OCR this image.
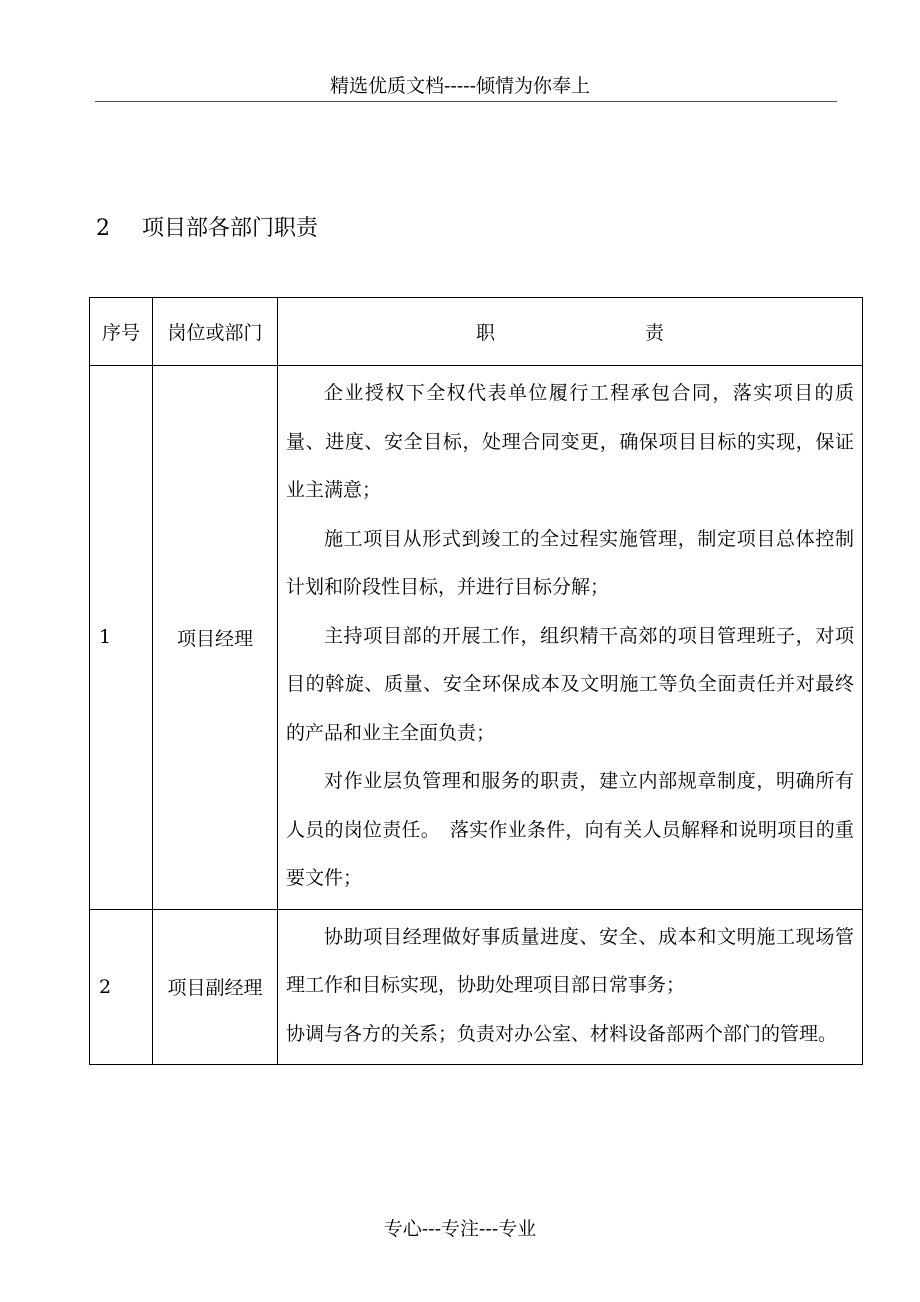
精选优质文档-----倾情为你奉上
2 项目部各部门职责
序号	岗位或部门	职 责
1	项目经理	企业授权下全权代表单位履行工程承包合同，落实项目的质量、进度、安全目标，处理合同变更，确保项目目标的实现，保证业主满意；

施工项目从形式到竣工的全过程实施管理，制定项目总体控制计划和阶段性目标，并进行目标分解；

主持项目部的开展工作，组织精干高郊的项目管理班子，对项目的斡旋、质量、安全环保成本及文明施工等负全面责任并对最终的产品和业主全面负责；

对作业层负管理和服务的职责，建立内部规章制度，明确所有人员的岗位责任。　落实作业条件，向有关人员解释和说明项目的重要文件；

2	项目副经理	协助项目经理做好事质量进度、安全、成本和文明施工现场管理工作和目标实现，协助处理项目部日常事务；

协调与各方的关系；负责对办公室、材料设备部两个部门的管理。

专心---专注---专业
